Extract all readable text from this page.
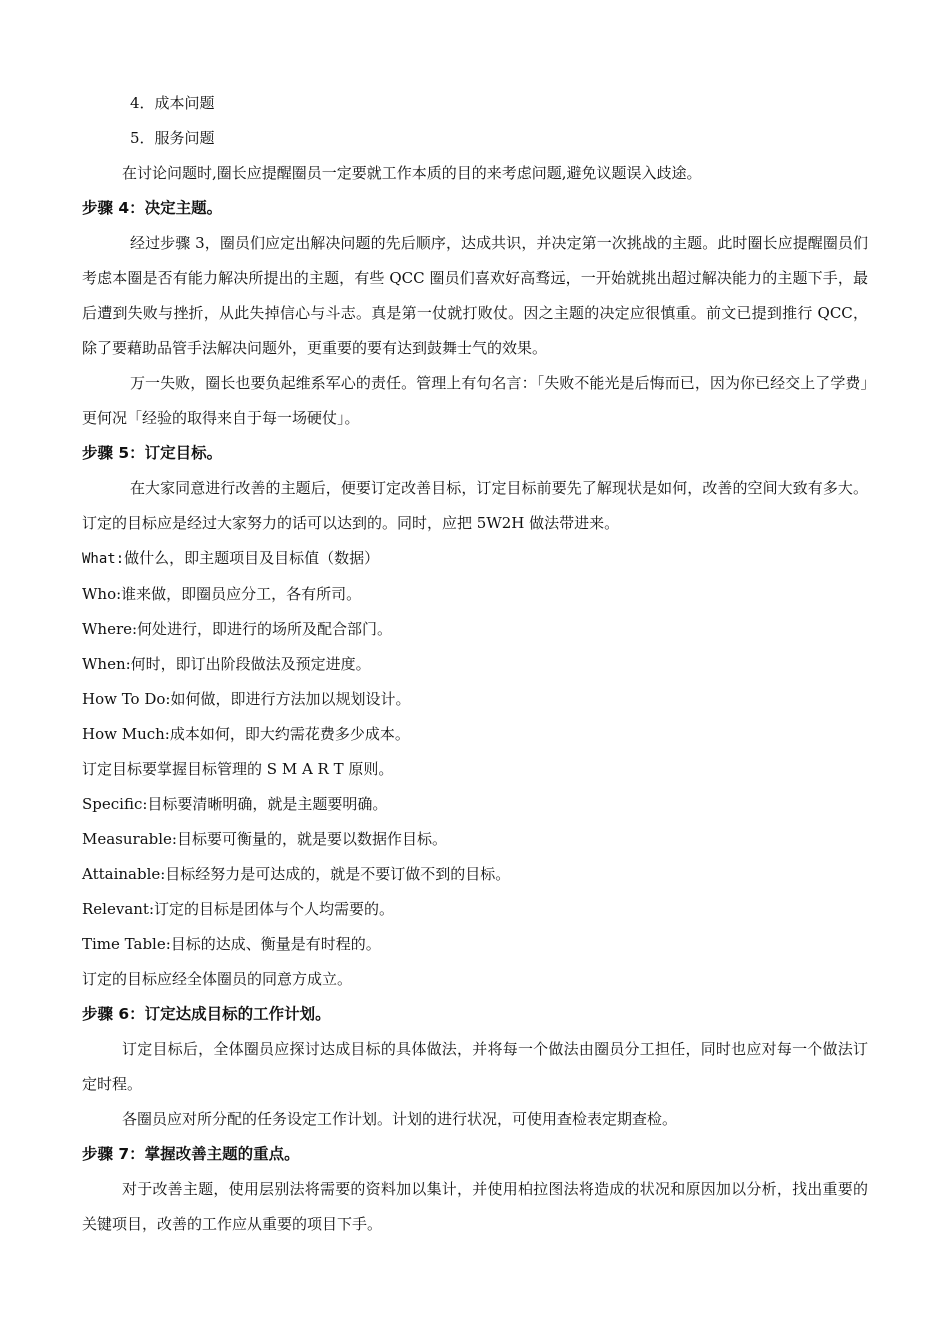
4．成本问题
5．服务问题
在讨论问题时,圈长应提醒圈员一定要就工作本质的目的来考虑问题,避免议题误入歧途。
步骤 4：决定主题。
经过步骤 3，圈员们应定出解决问题的先后顺序，达成共识，并决定第一次挑战的主题。此时圈长应提醒圈员们考虑本圈是否有能力解决所提出的主题，有些 QCC 圈员们喜欢好高骛远，一开始就挑出超过解决能力的主题下手，最后遭到失败与挫折，从此失掉信心与斗志。真是第一仗就打败仗。因之主题的决定应很慎重。前文已提到推行 QCC，除了要藉助品管手法解决问题外，更重要的要有达到鼓舞士气的效果。
万一失败，圈长也要负起维系军心的责任。管理上有句名言：「失败不能光是后悔而已，因为你已经交上了学费」更何况「经验的取得来自于每一场硬仗」。
步骤 5：订定目标。
在大家同意进行改善的主题后，便要订定改善目标，订定目标前要先了解现状是如何，改善的空间大致有多大。订定的目标应是经过大家努力的话可以达到的。同时，应把 5W2H 做法带进来。
What:做什么，即主题项目及目标值（数据）
Who:谁来做，即圈员应分工，各有所司。
Where:何处进行，即进行的场所及配合部门。
When:何时，即订出阶段做法及预定进度。
How To Do:如何做，即进行方法加以规划设计。
How Much:成本如何，即大约需花费多少成本。
订定目标要掌握目标管理的 S M A R T 原则。
Specific:目标要清晰明确，就是主题要明确。
Measurable:目标要可衡量的，就是要以数据作目标。
Attainable:目标经努力是可达成的，就是不要订做不到的目标。
Relevant:订定的目标是团体与个人均需要的。
Time Table:目标的达成、衡量是有时程的。
订定的目标应经全体圈员的同意方成立。
步骤 6：订定达成目标的工作计划。
订定目标后，全体圈员应探讨达成目标的具体做法，并将每一个做法由圈员分工担任，同时也应对每一个做法订定时程。
各圈员应对所分配的任务设定工作计划。计划的进行状况，可使用查检表定期查检。
步骤 7：掌握改善主题的重点。
对于改善主题，使用层别法将需要的资料加以集计，并使用柏拉图法将造成的状况和原因加以分析，找出重要的关键项目，改善的工作应从重要的项目下手。
